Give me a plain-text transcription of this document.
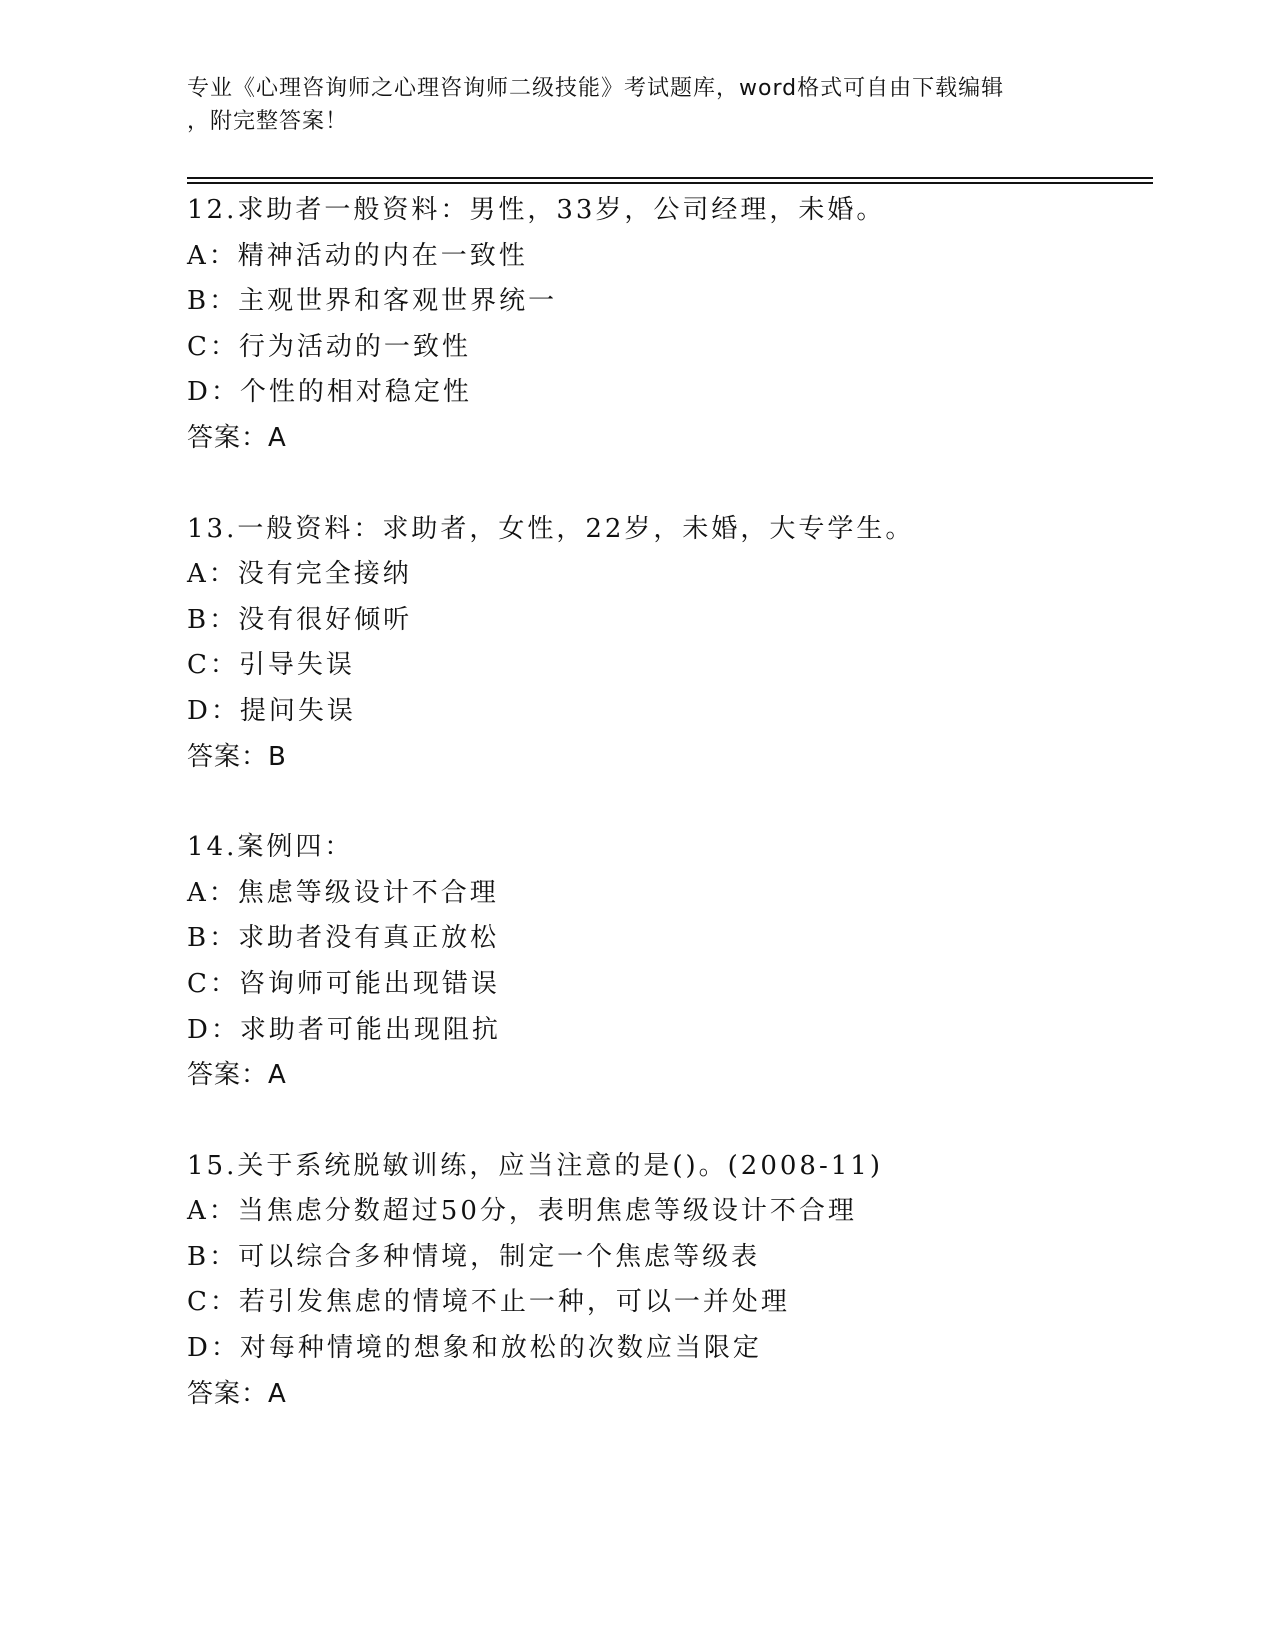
专业《心理咨询师之心理咨询师二级技能》考试题库，word格式可自由下载编辑
，附完整答案！
12.求助者一般资料：男性，33岁，公司经理，未婚。
A：精神活动的内在一致性
B：主观世界和客观世界统一
C：行为活动的一致性
D：个性的相对稳定性
答案：A
13.一般资料：求助者，女性，22岁，未婚，大专学生。
A：没有完全接纳
B：没有很好倾听
C：引导失误
D：提问失误
答案：B
14.案例四：
A：焦虑等级设计不合理
B：求助者没有真正放松
C：咨询师可能出现错误
D：求助者可能出现阻抗
答案：A
15.关于系统脱敏训练，应当注意的是()。(2008-11)
A：当焦虑分数超过50分，表明焦虑等级设计不合理
B：可以综合多种情境，制定一个焦虑等级表
C：若引发焦虑的情境不止一种，可以一并处理
D：对每种情境的想象和放松的次数应当限定
答案：A
